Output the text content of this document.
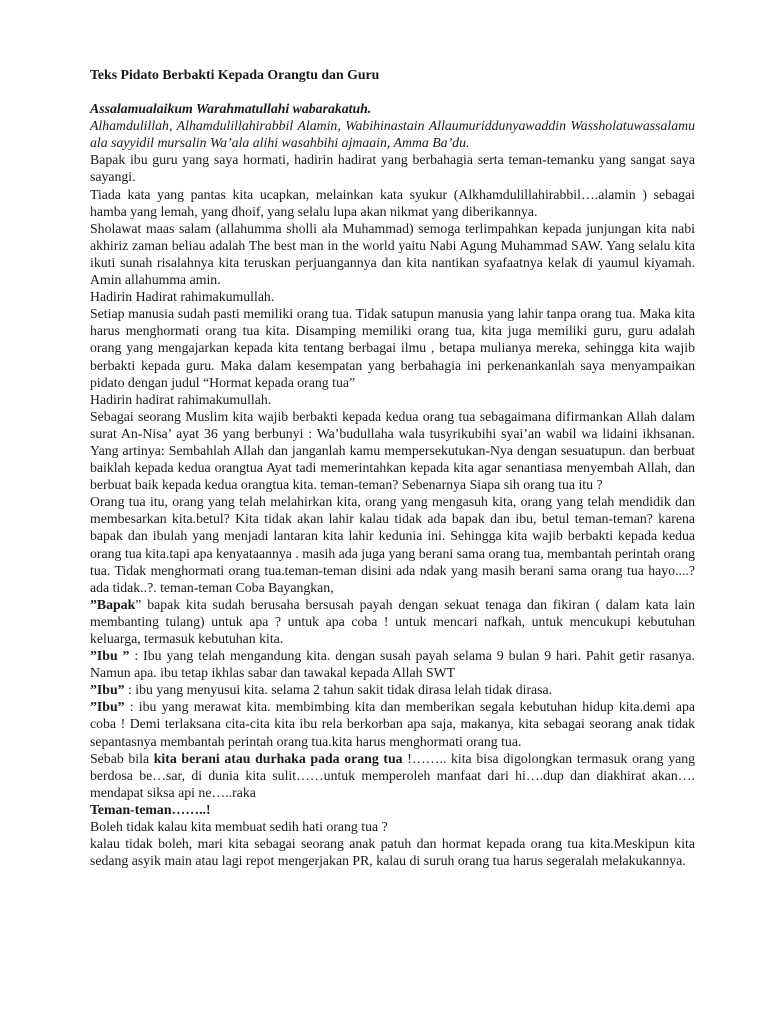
Teks Pidato Berbakti Kepada Orangtu dan Guru

Assalamualaikum Warahmatullahi wabarakatuh.

Alhamdulillah, Alhamdulillahirabbil Alamin, Wabihinastain Allaumuriddunyawaddin Wassholatuwassalamu ala sayyidil mursalin Wa’ala alihi wasahbihi ajmaain, Amma Ba’du.

Bapak ibu guru yang saya hormati, hadirin hadirat yang berbahagia serta teman-temanku yang sangat saya sayangi.

Tiada kata yang pantas kita ucapkan, melainkan kata syukur (Alkhamdulillahirabbil….alamin ) sebagai hamba yang lemah, yang dhoif, yang selalu lupa akan nikmat yang diberikannya.

Sholawat maas salam (allahumma sholli ala Muhammad) semoga terlimpahkan kepada junjungan kita nabi akhiriz zaman beliau adalah The best man in the world yaitu Nabi Agung Muhammad SAW. Yang selalu kita ikuti sunah risalahnya kita teruskan perjuangannya dan kita nantikan syafaatnya kelak di yaumul kiyamah. Amin allahumma amin.

Hadirin Hadirat rahimakumullah.

Setiap manusia sudah pasti memiliki orang tua. Tidak satupun manusia yang lahir tanpa orang tua. Maka kita harus menghormati orang tua kita. Disamping memiliki orang tua, kita juga memiliki guru, guru adalah orang yang mengajarkan kepada kita tentang berbagai ilmu , betapa mulianya mereka, sehingga kita wajib berbakti kepada guru. Maka dalam kesempatan yang berbahagia ini perkenankanlah saya menyampaikan pidato dengan judul “Hormat kepada orang tua”

Hadirin hadirat rahimakumullah.

Sebagai seorang Muslim kita wajib berbakti kepada kedua orang tua sebagaimana difirmankan Allah dalam surat An-Nisa’ ayat 36 yang berbunyi : Wa’budullaha wala tusyrikubihi syai’an wabil wa lidaini ikhsanan. Yang artinya: Sembahlah Allah dan janganlah kamu mempersekutukan-Nya dengan sesuatupun. dan berbuat baiklah kepada kedua orangtua Ayat tadi memerintahkan kepada kita agar senantiasa menyembah Allah, dan berbuat baik kepada kedua orangtua kita. teman-teman? Sebenarnya Siapa sih orang tua itu ?

Orang tua itu, orang yang telah melahirkan kita, orang yang mengasuh kita, orang yang telah mendidik dan membesarkan kita.betul? Kita tidak akan lahir kalau tidak ada bapak dan ibu, betul teman-teman? karena bapak dan ibulah yang menjadi lantaran kita lahir kedunia ini. Sehingga kita wajib berbakti kepada kedua orang tua kita.tapi apa kenyataannya . masih ada juga yang berani sama orang tua, membantah perintah orang tua. Tidak menghormati orang tua.teman-teman disini ada ndak yang masih berani sama orang tua hayo....? ada tidak..?. teman-teman Coba Bayangkan,

”Bapak” bapak kita sudah berusaha bersusah payah dengan sekuat tenaga dan fikiran ( dalam kata lain membanting tulang) untuk apa ? untuk apa coba ! untuk mencari nafkah, untuk mencukupi kebutuhan keluarga, termasuk kebutuhan kita.

”Ibu ” : Ibu yang telah mengandung kita. dengan susah payah selama 9 bulan 9 hari. Pahit getir rasanya. Namun apa. ibu tetap ikhlas sabar dan tawakal kepada Allah SWT

”Ibu” : ibu yang menyusui kita. selama 2 tahun sakit tidak dirasa lelah tidak dirasa.

”Ibu” : ibu yang merawat kita. membimbing kita dan memberikan segala kebutuhan hidup kita.demi apa coba ! Demi terlaksana cita-cita kita ibu rela berkorban apa saja, makanya, kita sebagai seorang anak tidak sepantasnya membantah perintah orang tua.kita harus menghormati orang tua.

Sebab bila kita berani atau durhaka pada orang tua !…….. kita bisa digolongkan termasuk orang yang berdosa be…sar, di dunia kita sulit……untuk memperoleh manfaat dari hi….dup dan diakhirat akan…. mendapat siksa api ne…..raka

Teman-teman……..!

Boleh tidak kalau kita membuat sedih hati orang tua ?

kalau tidak boleh, mari kita sebagai seorang anak patuh dan hormat kepada orang tua kita.Meskipun kita sedang asyik main atau lagi repot mengerjakan PR, kalau di suruh orang tua harus segeralah melakukannya.
